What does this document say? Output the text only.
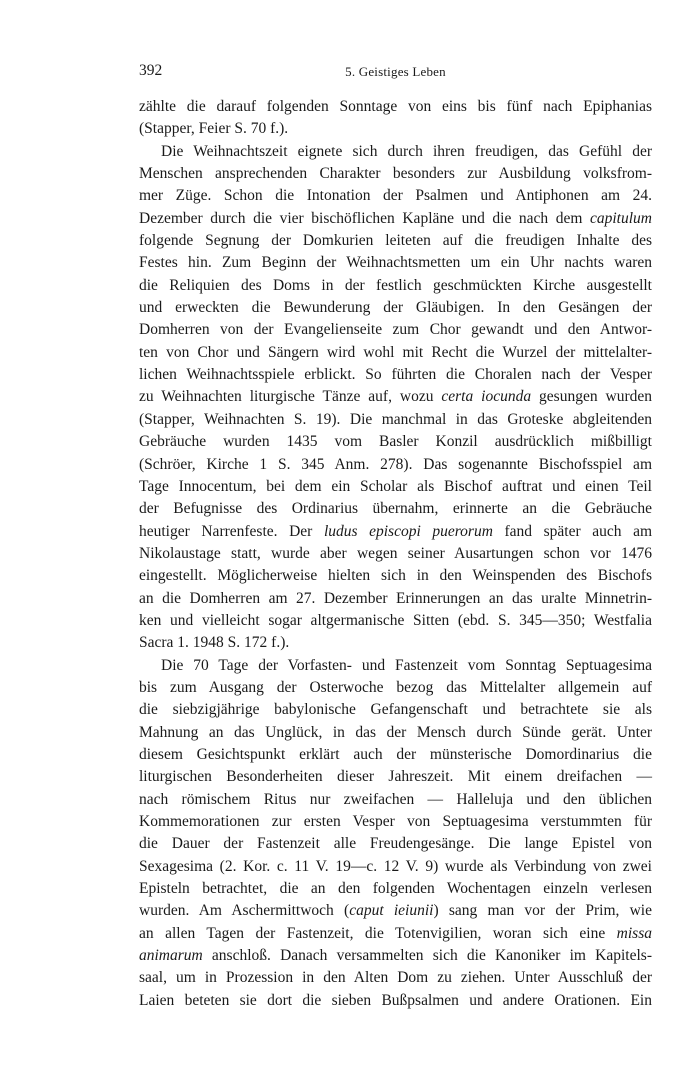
392	5. Geistiges Leben
zählte die darauf folgenden Sonntage von eins bis fünf nach Epiphanias
(Stapper, Feier S. 70 f.).
Die Weihnachtszeit eignete sich durch ihren freudigen, das Gefühl der
Menschen ansprechenden Charakter besonders zur Ausbildung volksfrom-
mer Züge. Schon die Intonation der Psalmen und Antiphonen am 24.
Dezember durch die vier bischöflichen Kapläne und die nach dem capitulum
folgende Segnung der Domkurien leiteten auf die freudigen Inhalte des
Festes hin. Zum Beginn der Weihnachtsmetten um ein Uhr nachts waren
die Reliquien des Doms in der festlich geschmückten Kirche ausgestellt
und erweckten die Bewunderung der Gläubigen. In den Gesängen der
Domherren von der Evangelienseite zum Chor gewandt und den Antwor-
ten von Chor und Sängern wird wohl mit Recht die Wurzel der mittelalter-
lichen Weihnachtsspiele erblickt. So führten die Choralen nach der Vesper
zu Weihnachten liturgische Tänze auf, wozu certa iocunda gesungen wurden
(Stapper, Weihnachten S. 19). Die manchmal in das Groteske abgleitenden
Gebräuche wurden 1435 vom Basler Konzil ausdrücklich mißbilligt
(Schröer, Kirche 1 S. 345 Anm. 278). Das sogenannte Bischofsspiel am
Tage Innocentum, bei dem ein Scholar als Bischof auftrat und einen Teil
der Befugnisse des Ordinarius übernahm, erinnerte an die Gebräuche
heutiger Narrenfeste. Der ludus episcopi puerorum fand später auch am
Nikolaustage statt, wurde aber wegen seiner Ausartungen schon vor 1476
eingestellt. Möglicherweise hielten sich in den Weinspenden des Bischofs
an die Domherren am 27. Dezember Erinnerungen an das uralte Minnetrin-
ken und vielleicht sogar altgermanische Sitten (ebd. S. 345—350; Westfalia
Sacra 1. 1948 S. 172 f.).
Die 70 Tage der Vorfasten- und Fastenzeit vom Sonntag Septuagesima
bis zum Ausgang der Osterwoche bezog das Mittelalter allgemein auf
die siebzigjährige babylonische Gefangenschaft und betrachtete sie als
Mahnung an das Unglück, in das der Mensch durch Sünde gerät. Unter
diesem Gesichtspunkt erklärt auch der münsterische Domordinarius die
liturgischen Besonderheiten dieser Jahreszeit. Mit einem dreifachen —
nach römischem Ritus nur zweifachen — Halleluja und den üblichen
Kommemorationen zur ersten Vesper von Septuagesima verstummten für
die Dauer der Fastenzeit alle Freudengesänge. Die lange Epistel von
Sexagesima (2. Kor. c. 11 V. 19—c. 12 V. 9) wurde als Verbindung von zwei
Episteln betrachtet, die an den folgenden Wochentagen einzeln verlesen
wurden. Am Aschermittwoch (caput ieiunii) sang man vor der Prim, wie
an allen Tagen der Fastenzeit, die Totenvigilien, woran sich eine missa
animarum anschloß. Danach versammelten sich die Kanoniker im Kapitels-
saal, um in Prozession in den Alten Dom zu ziehen. Unter Ausschluß der
Laien beteten sie dort die sieben Bußpsalmen und andere Orationen. Ein
